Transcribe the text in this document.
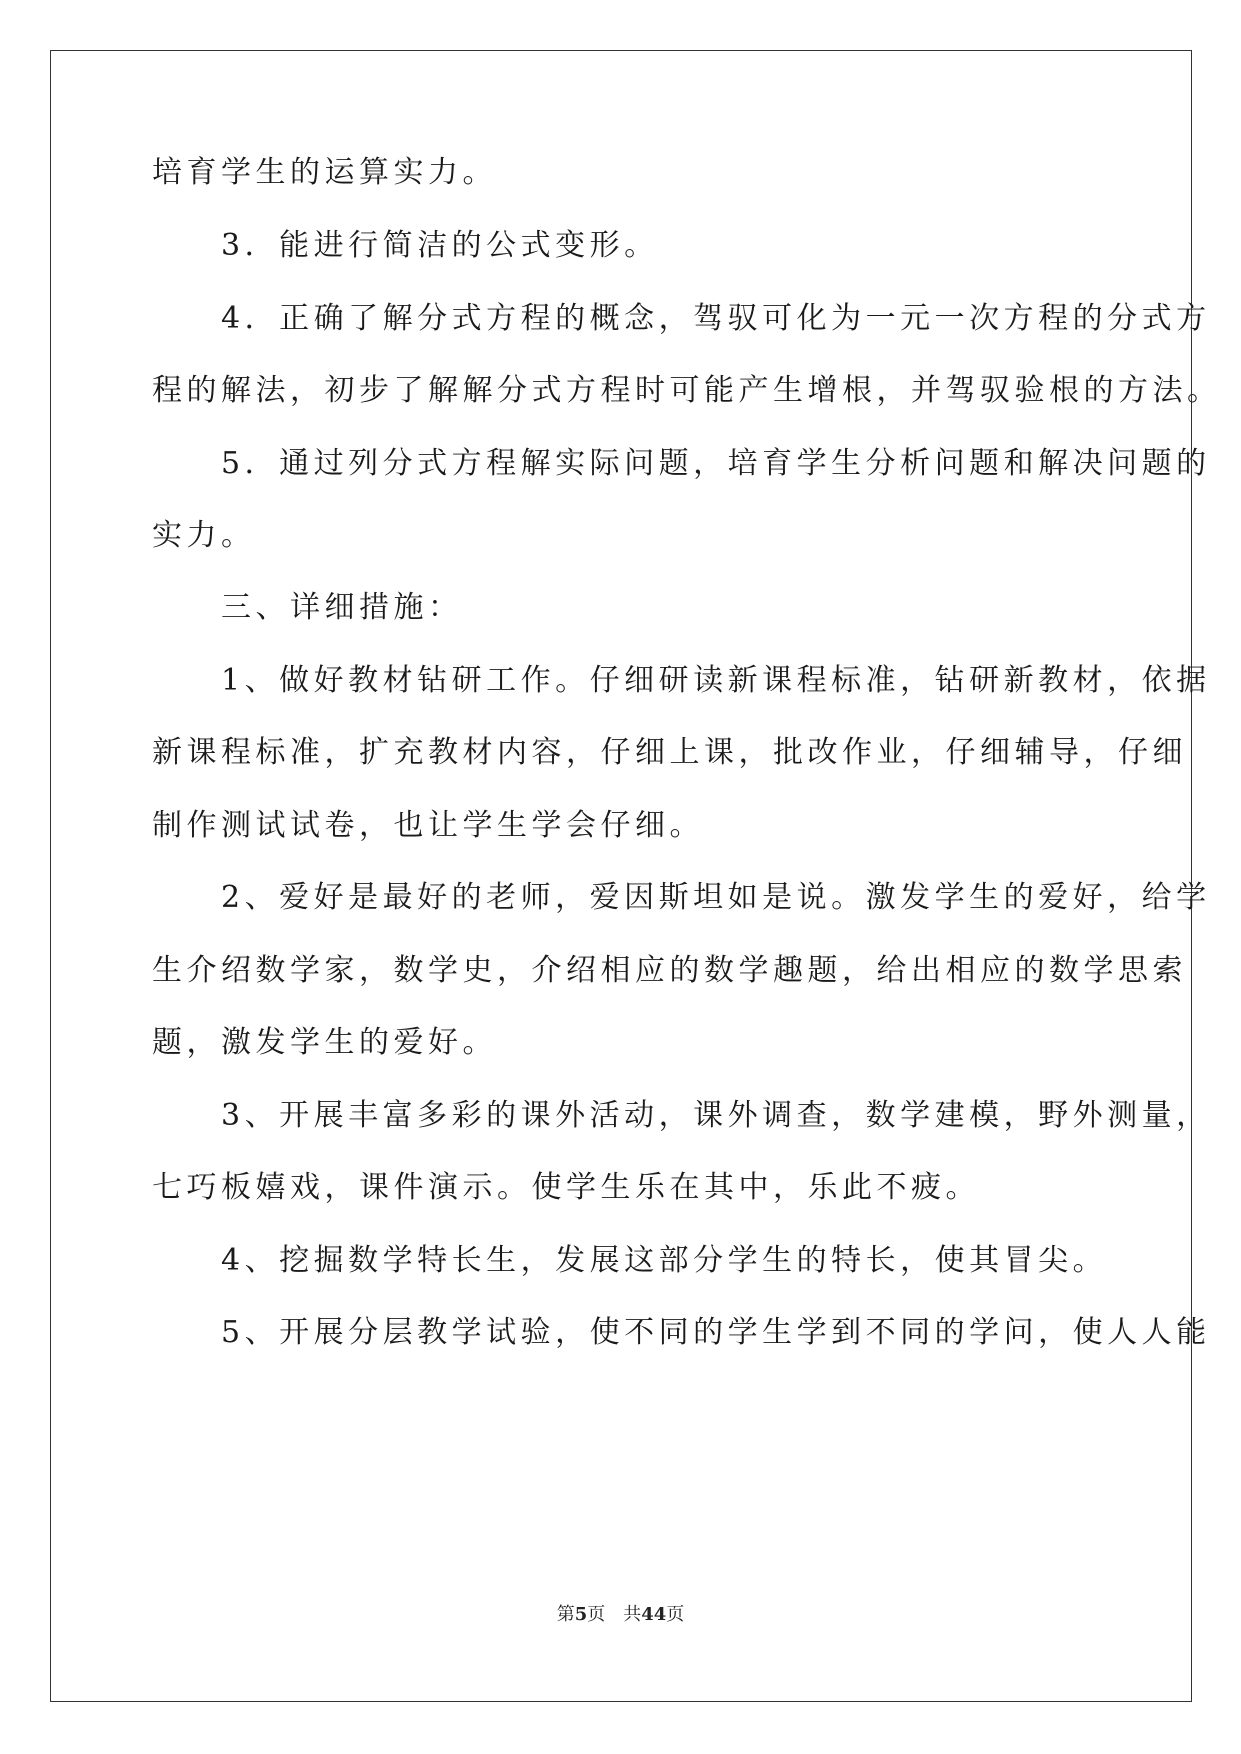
培育学生的运算实力。
　　3．能进行简洁的公式变形。
　　4．正确了解分式方程的概念，驾驭可化为一元一次方程的分式方
程的解法，初步了解解分式方程时可能产生增根，并驾驭验根的方法。
　　5．通过列分式方程解实际问题，培育学生分析问题和解决问题的
实力。
　　三、详细措施：
　　1、做好教材钻研工作。仔细研读新课程标准，钻研新教材，依据
新课程标准，扩充教材内容，仔细上课，批改作业，仔细辅导，仔细
制作测试试卷，也让学生学会仔细。
　　2、爱好是最好的老师，爱因斯坦如是说。激发学生的爱好，给学
生介绍数学家，数学史，介绍相应的数学趣题，给出相应的数学思索
题，激发学生的爱好。
　　3、开展丰富多彩的课外活动，课外调查，数学建模，野外测量，
七巧板嬉戏，课件演示。使学生乐在其中，乐此不疲。
　　4、挖掘数学特长生，发展这部分学生的特长，使其冒尖。
　　5、开展分层教学试验，使不同的学生学到不同的学问，使人人能
第5页 共44页
